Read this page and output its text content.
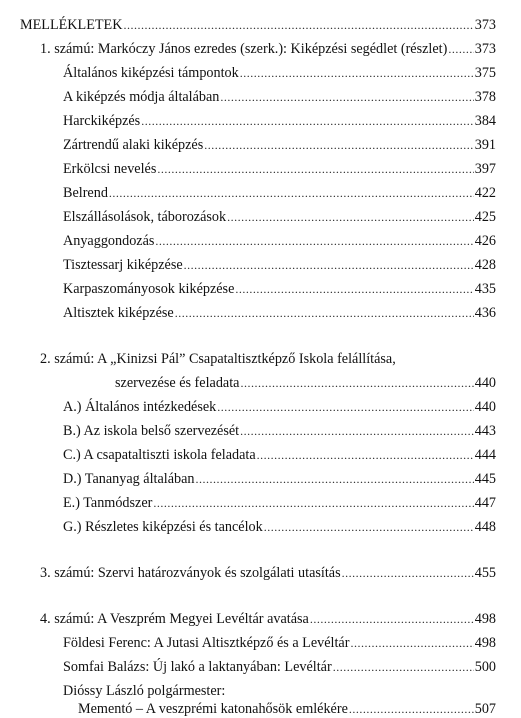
MELLÉKLETEK .....	373
1. számú: Markóczy János ezredes (szerk.): Kiképzési segédlet (részlet) ..... 373
Általános kiképzési támpontok .....	375
A kiképzés módja általában .....	378
Harckiképzés .....	384
Zártrendű alaki kiképzés .....	391
Erkölcsi nevelés .....	397
Belrend .....	422
Elszállásolások, táborozások .....	425
Anyaggondozás .....	426
Tisztessarj kiképzése .....	428
Karpaszományosok kiképzése .....	435
Altisztek kiképzése .....	436
2. számú: A „Kinizsi Pál” Csapataltisztképző Iskola felállítása,
szervezése és feladata .....	440
A.) Általános intézkedések .....	440
B.) Az iskola belső szervezését .....	443
C.) A csapataltiszti iskola feladata .....	444
D.) Tananyag általában .....	445
E.) Tanmódszer .....	447
G.) Részletes kiképzési és tancélok .....	448
3. számú: Szervi határozványok és szolgálati utasítás .....	455
4. számú: A Veszprém Megyei Levéltár avatása .....	498
Földesi Ferenc: A Jutasi Altisztképző és a Levéltár .....	498
Somfai Balázs: Új lakó a laktanyában: Levéltár .....	500
Dióssy László polgármester:
Mementó – A veszprémi katonahősök emlékére .....	507
